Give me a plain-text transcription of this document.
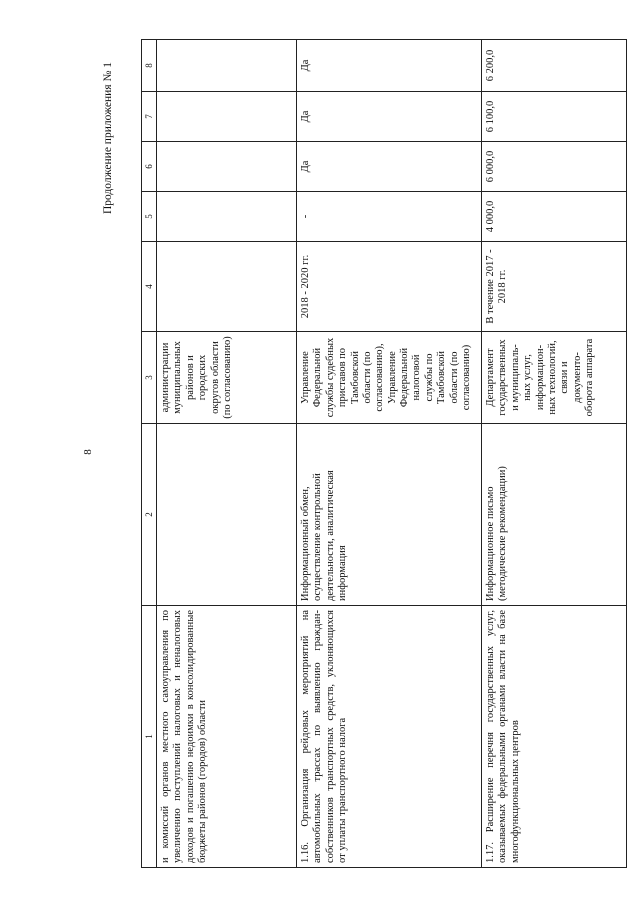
8
Продолжение приложения № 1
1	2	3	4	5	6	7	8
и комиссий органов местного самоуправления по увеличению поступлений налоговых и неналоговых доходов и погашению недоимки в консолидированные бюджеты районов (городов) области		администрации муниципальных районов и городских округов области (по согласованию)					
1.16. Организация рейдовых мероприятий на автомобильных трассах по выявлению граждан-собственников транспортных средств, уклоняющихся от уплаты транспортного налога	Информационный обмен, осуществление контрольной деятельности, аналитическая информация	Управление Федеральной службы судебных приставов по Тамбовской области (по согласованию), Управление Федеральной налоговой службы по Тамбовской области (по согласованию)	2018 - 2020 гг.	-	Да	Да	Да
1.17. Расширение перечня государственных услуг, оказываемых федеральными органами власти на базе многофункциональных центров	Информационное письмо (методические рекомендации)	Департамент государственных и муниципаль-ных услуг, информацион-ных технологий, связи и документо-оборота аппарата	В течение 2017 - 2018 гг.	4 000,0	6 000,0	6 100,0	6 200,0
